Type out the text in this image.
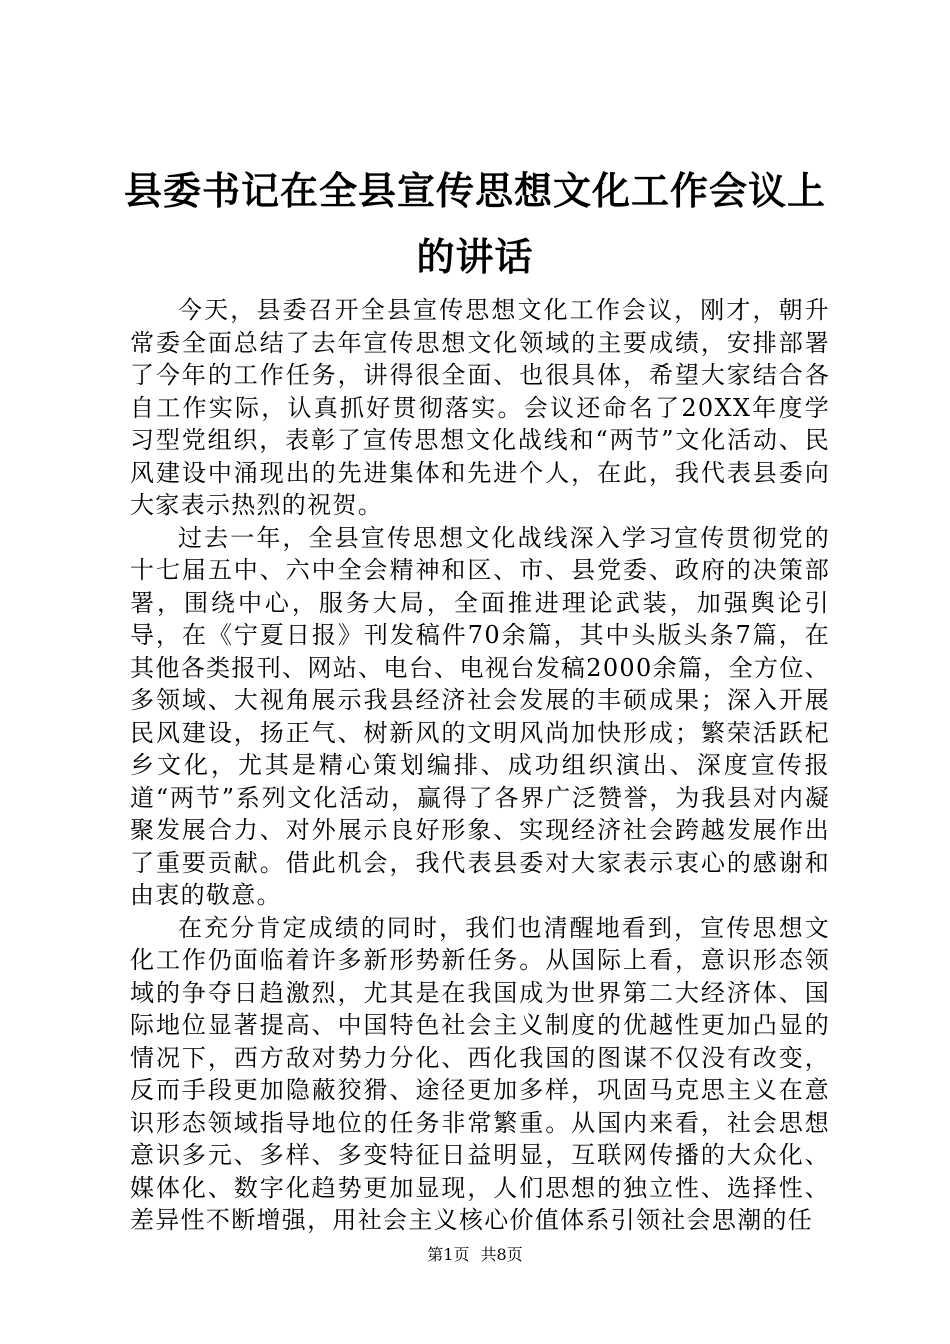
县委书记在全县宣传思想文化工作会议上的讲话

今天，县委召开全县宣传思想文化工作会议，刚才，朝升常委全面总结了去年宣传思想文化领域的主要成绩，安排部署了今年的工作任务，讲得很全面、也很具体，希望大家结合各自工作实际，认真抓好贯彻落实。会议还命名了20XX年度学习型党组织，表彰了宣传思想文化战线和“两节”文化活动、民风建设中涌现出的先进集体和先进个人，在此，我代表县委向大家表示热烈的祝贺。

过去一年，全县宣传思想文化战线深入学习宣传贯彻党的十七届五中、六中全会精神和区、市、县党委、政府的决策部署，围绕中心，服务大局，全面推进理论武装，加强舆论引导，在《宁夏日报》刊发稿件70余篇，其中头版头条7篇，在其他各类报刊、网站、电台、电视台发稿2000余篇，全方位、多领域、大视角展示我县经济社会发展的丰硕成果；深入开展民风建设，扬正气、树新风的文明风尚加快形成；繁荣活跃杞乡文化，尤其是精心策划编排、成功组织演出、深度宣传报道“两节”系列文化活动，赢得了各界广泛赞誉，为我县对内凝聚发展合力、对外展示良好形象、实现经济社会跨越发展作出了重要贡献。借此机会，我代表县委对大家表示衷心的感谢和由衷的敬意。

在充分肯定成绩的同时，我们也清醒地看到，宣传思想文化工作仍面临着许多新形势新任务。从国际上看，意识形态领域的争夺日趋激烈，尤其是在我国成为世界第二大经济体、国际地位显著提高、中国特色社会主义制度的优越性更加凸显的情况下，西方敌对势力分化、西化我国的图谋不仅没有改变，反而手段更加隐蔽狡猾、途径更加多样，巩固马克思主义在意识形态领域指导地位的任务非常繁重。从国内来看，社会思想意识多元、多样、多变特征日益明显，互联网传播的大众化、媒体化、数字化趋势更加显现，人们思想的独立性、选择性、差异性不断增强，用社会主义核心价值体系引领社会思潮的任

第1页 共8页
